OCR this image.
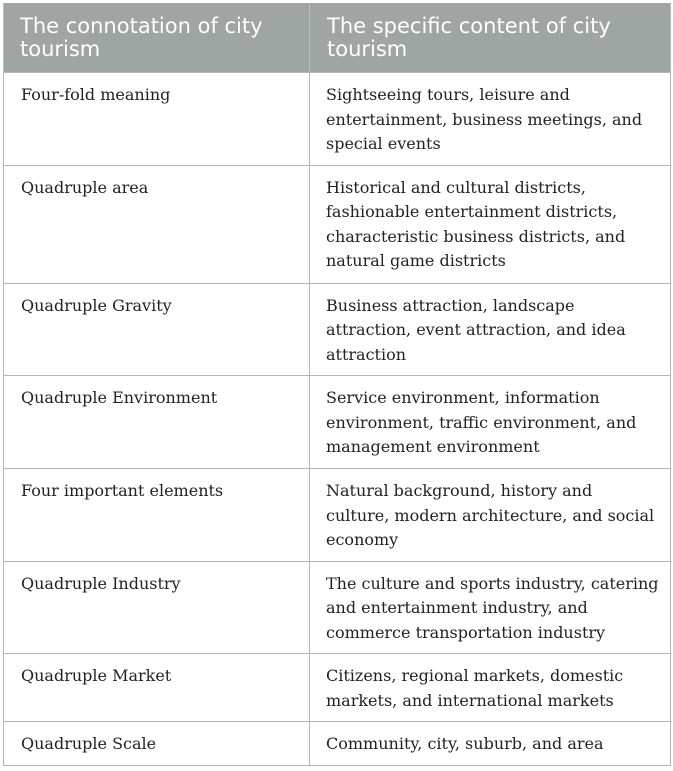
The connotation of city tourism	The specific content of city tourism
Four-fold meaning	Sightseeing tours, leisure and entertainment, business meetings, and special events
Quadruple area	Historical and cultural districts, fashionable entertainment districts, characteristic business districts, and natural game districts
Quadruple Gravity	Business attraction, landscape attraction, event attraction, and idea attraction
Quadruple Environment	Service environment, information environment, traffic environment, and management environment
Four important elements	Natural background, history and culture, modern architecture, and social economy
Quadruple Industry	The culture and sports industry, catering and entertainment industry, and commerce transportation industry
Quadruple Market	Citizens, regional markets, domestic markets, and international markets
Quadruple Scale	Community, city, suburb, and area
